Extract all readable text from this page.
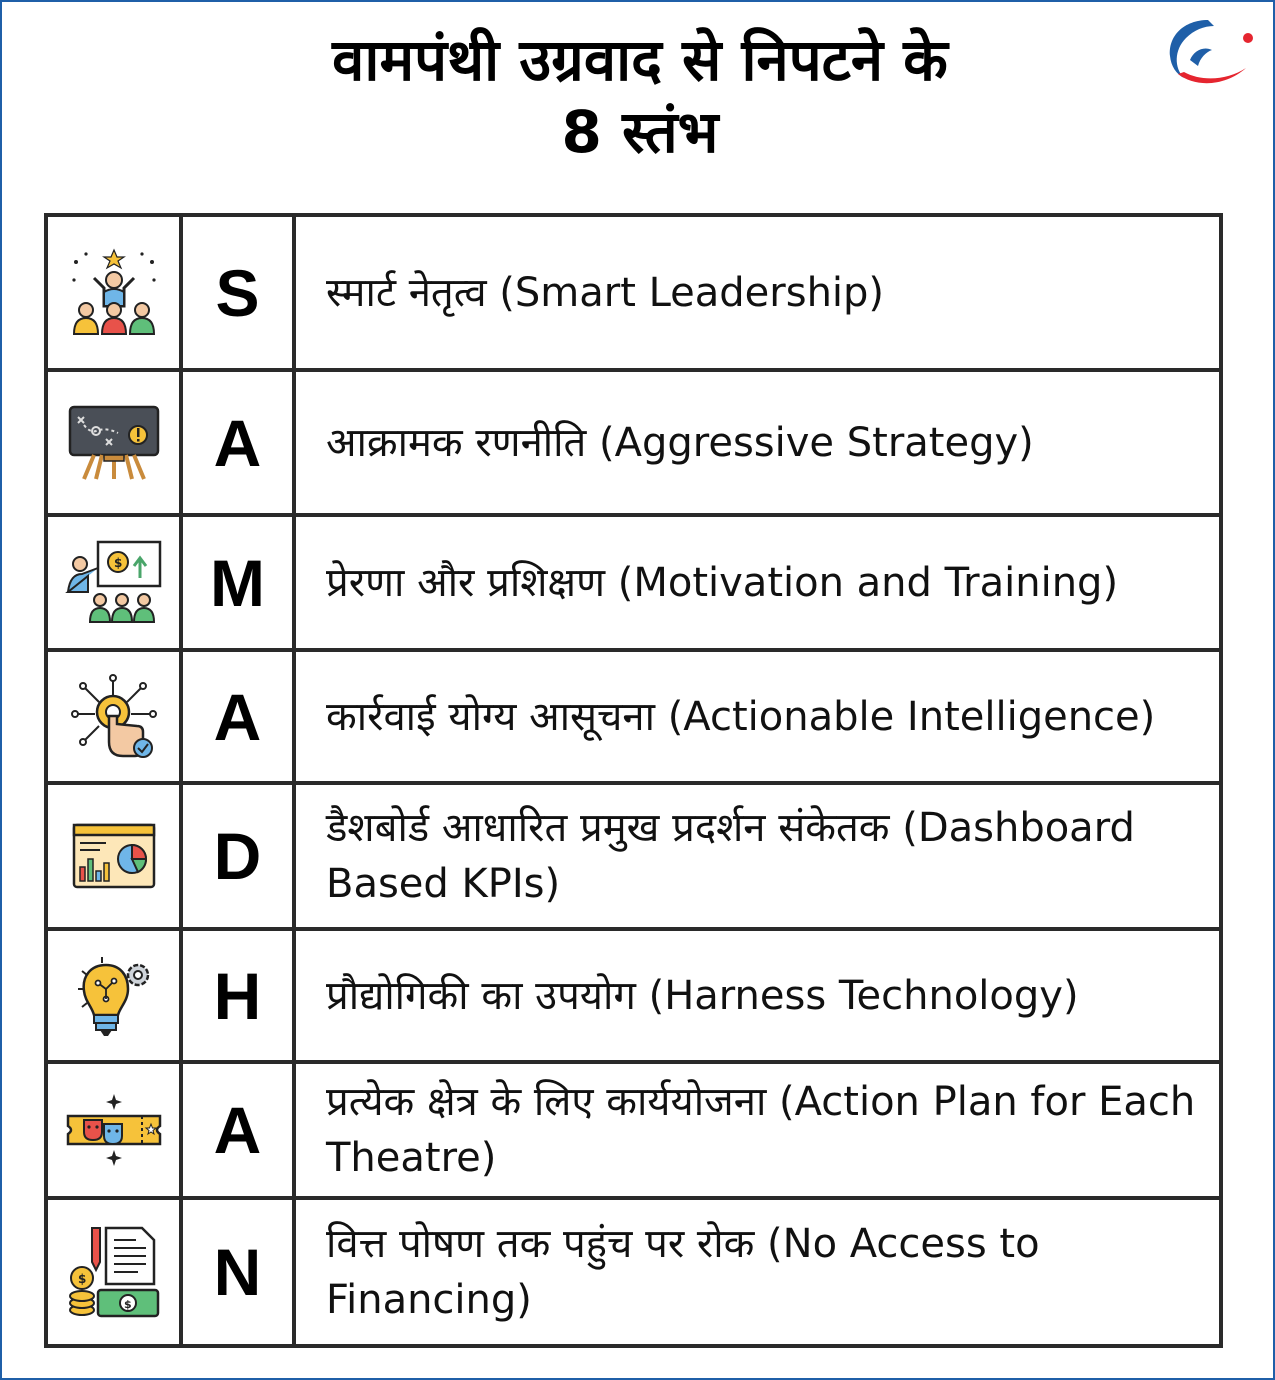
वामपंथी उग्रवाद से निपटने के
8 स्तंभ
	S	स्मार्ट नेतृत्व (Smart Leadership)

	A	आक्रामक रणनीति (Aggressive Strategy)

$	M	प्रेरणा और प्रशिक्षण (Motivation and Training)

	A	कार्रवाई योग्य आसूचना (Actionable Intelligence)

	D	डैशबोर्ड आधारित प्रमुख प्रदर्शन संकेतक (Dashboard Based KPIs)

	H	प्रौद्योगिकी का उपयोग (Harness Technology)

	A	प्रत्येक क्षेत्र के लिए कार्ययोजना (Action Plan for Each Theatre)

$
$	N	वित्त पोषण तक पहुंच पर रोक (No Access to Financing)
